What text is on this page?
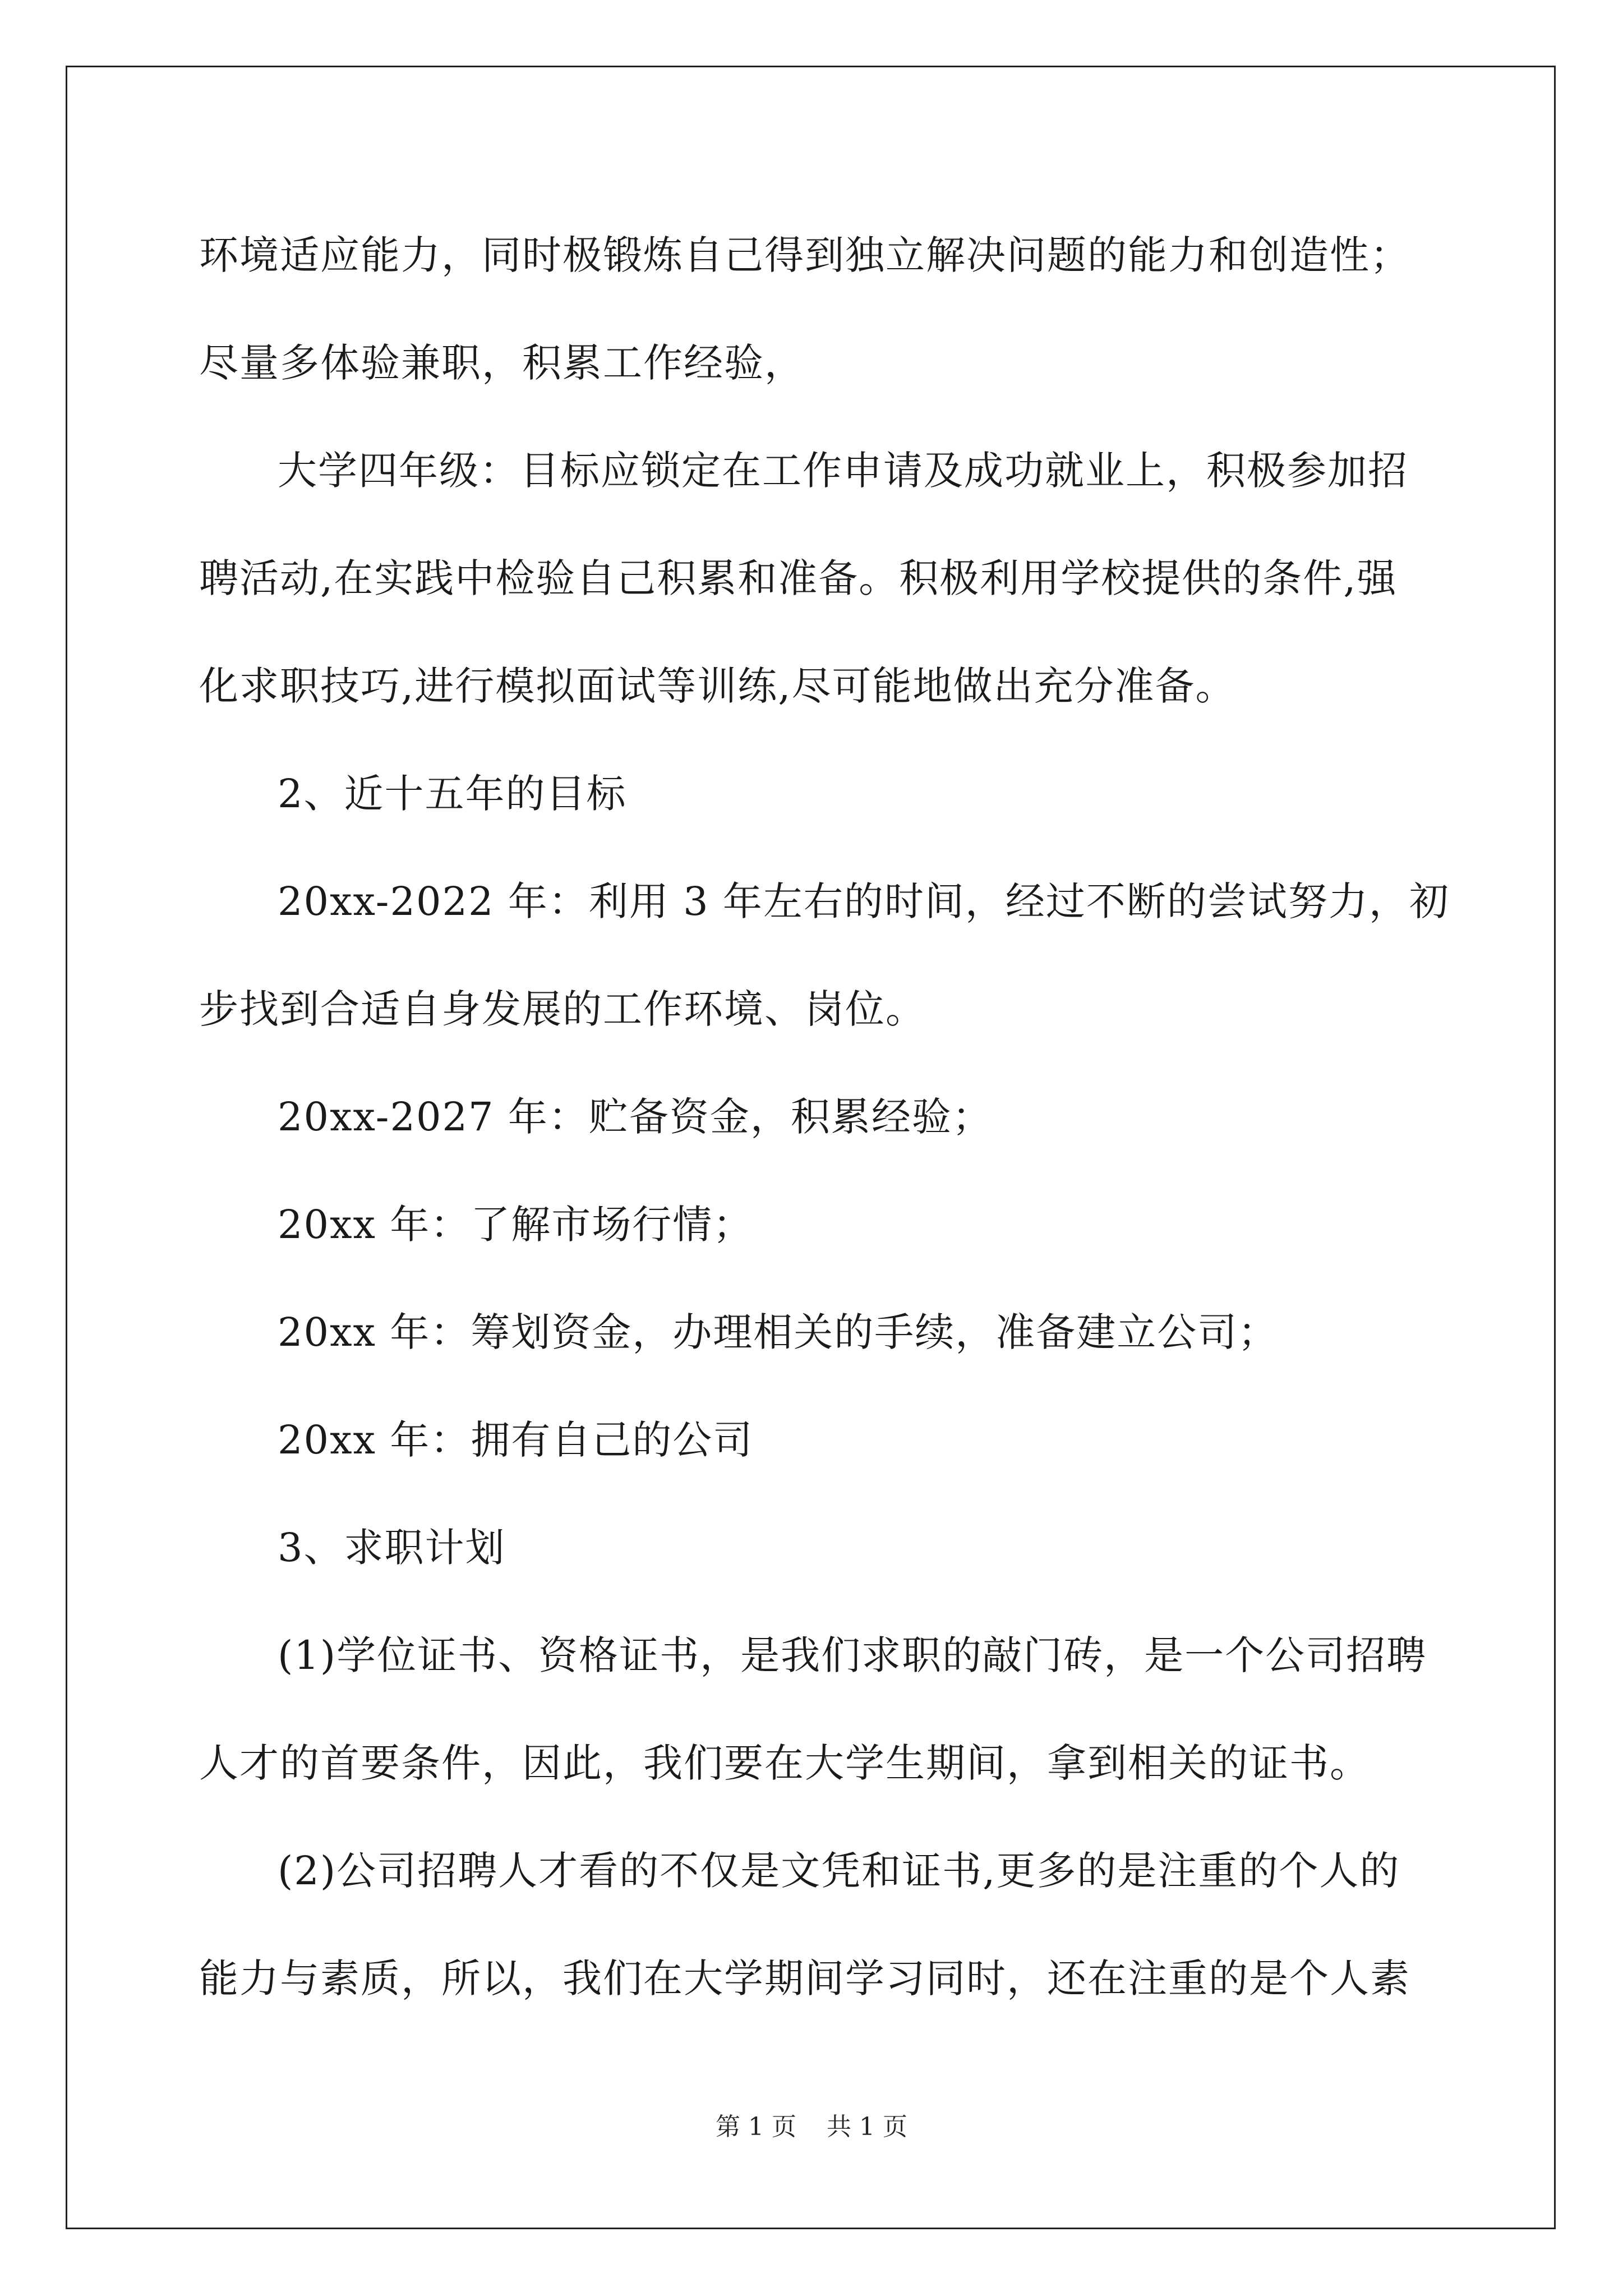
环境适应能力，同时极锻炼自己得到独立解决问题的能力和创造性；
尽量多体验兼职，积累工作经验，
大学四年级：目标应锁定在工作申请及成功就业上，积极参加招
聘活动,在实践中检验自己积累和准备。积极利用学校提供的条件,强
化求职技巧,进行模拟面试等训练,尽可能地做出充分准备。
2、近十五年的目标
20xx-2022 年：利用 3 年左右的时间，经过不断的尝试努力，初
步找到合适自身发展的工作环境、岗位。
20xx-2027 年：贮备资金，积累经验；
20xx 年：了解市场行情；
20xx 年：筹划资金，办理相关的手续，准备建立公司；
20xx 年：拥有自己的公司
3、求职计划
(1)学位证书、资格证书，是我们求职的敲门砖，是一个公司招聘
人才的首要条件，因此，我们要在大学生期间，拿到相关的证书。
(2)公司招聘人才看的不仅是文凭和证书,更多的是注重的个人的
能力与素质，所以，我们在大学期间学习同时，还在注重的是个人素
第 1 页 共 1 页
